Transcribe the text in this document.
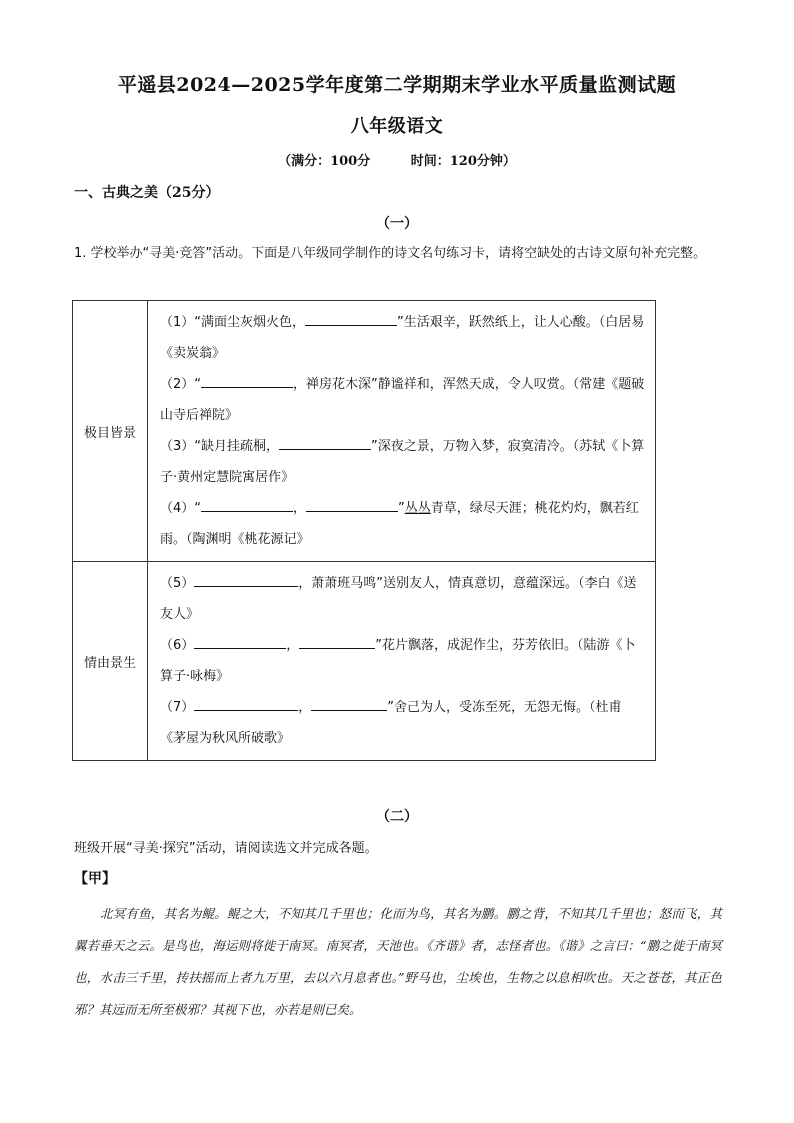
平遥县2024—2025学年度第二学期期末学业水平质量监测试题
八年级语文
（满分：100分	时间：120分钟）
一、古典之美（25分）
（一）
1. 学校举办“寻美·竞答”活动。下面是八年级同学制作的诗文名句练习卡，请将空缺处的古诗文原句补充完整。
极目皆景	（1）“满面尘灰烟火色， ”生活艰辛，跃然纸上，让人心酸。（白居易《卖炭翁》
（2）“ ，禅房花木深”静谧祥和，浑然天成，令人叹赏。（常建《题破山寺后禅院》
（3）“缺月挂疏桐， ”深夜之景，万物入梦，寂寞清冷。（苏轼《卜算子·黄州定慧院寓居作》
（4）“ ， ”丛丛青草，绿尽天涯；桃花灼灼，飘若红雨。（陶渊明《桃花源记》

情由景生	（5） ，萧萧班马鸣”送别友人，情真意切，意蕴深远。（李白《送友人》
（6） ， ”花片飘落，成泥作尘，芬芳依旧。（陆游《卜算子·咏梅》
（7） ， ”舍己为人，受冻至死，无怨无悔。（杜甫《茅屋为秋风所破歌》
（二）
班级开展“寻美·探究”活动，请阅读选文并完成各题。
【甲】
北冥有鱼，其名为鲲。鲲之大，不知其几千里也；化而为鸟，其名为鹏。鹏之背，不知其几千里也；怒而飞，其翼若垂天之云。是鸟也，海运则将徙于南冥。南冥者，天池也。《齐谐》者，志怪者也。《谐》之言曰：“鹏之徙于南冥也，水击三千里，抟扶摇而上者九万里，去以六月息者也。”野马也，尘埃也，生物之以息相吹也。天之苍苍，其正色邪？其远而无所至极邪？其视下也，亦若是则已矣。
